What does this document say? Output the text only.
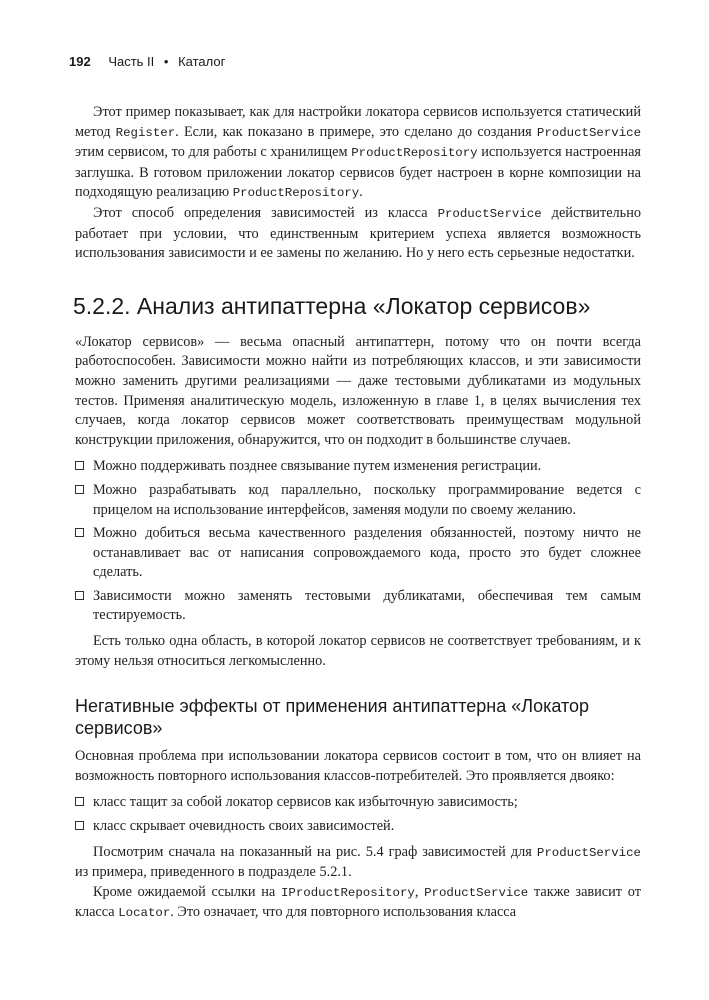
192 Часть II • Каталог

Этот пример показывает, как для настройки локатора сервисов используется статический метод Register. Если, как показано в примере, это сделано до создания ProductService этим сервисом, то для работы с хранилищем ProductRepository используется настроенная заглушка. В готовом приложении локатор сервисов будет настроен в корне композиции на подходящую реализацию ProductRepository.

Этот способ определения зависимостей из класса ProductService действительно работает при условии, что единственным критерием успеха является возможность использования зависимости и ее замены по желанию. Но у него есть серьезные недостатки.

5.2.2. Анализ антипаттерна «Локатор сервисов»

«Локатор сервисов» — весьма опасный антипаттерн, потому что он почти всегда работоспособен. Зависимости можно найти из потребляющих классов, и эти зависимости можно заменить другими реализациями — даже тестовыми дубликатами из модульных тестов. Применяя аналитическую модель, изложенную в главе 1, в целях вычисления тех случаев, когда локатор сервисов может соответствовать преимуществам модульной конструкции приложения, обнаружится, что он подходит в большинстве случаев.

Можно поддерживать позднее связывание путем изменения регистрации.
Можно разрабатывать код параллельно, поскольку программирование ведется с прицелом на использование интерфейсов, заменяя модули по своему желанию.
Можно добиться весьма качественного разделения обязанностей, поэтому ничто не останавливает вас от написания сопровождаемого кода, просто это будет сложнее сделать.
Зависимости можно заменять тестовыми дубликатами, обеспечивая тем самым тестируемость.

Есть только одна область, в которой локатор сервисов не соответствует требованиям, и к этому нельзя относиться легкомысленно.

Негативные эффекты от применения антипаттерна «Локатор сервисов»

Основная проблема при использовании локатора сервисов состоит в том, что он влияет на возможность повторного использования классов-потребителей. Это проявляется двояко:

класс тащит за собой локатор сервисов как избыточную зависимость;
класс скрывает очевидность своих зависимостей.

Посмотрим сначала на показанный на рис. 5.4 граф зависимостей для ProductService из примера, приведенного в подразделе 5.2.1.

Кроме ожидаемой ссылки на IProductRepository, ProductService также зависит от класса Locator. Это означает, что для повторного использования класса
